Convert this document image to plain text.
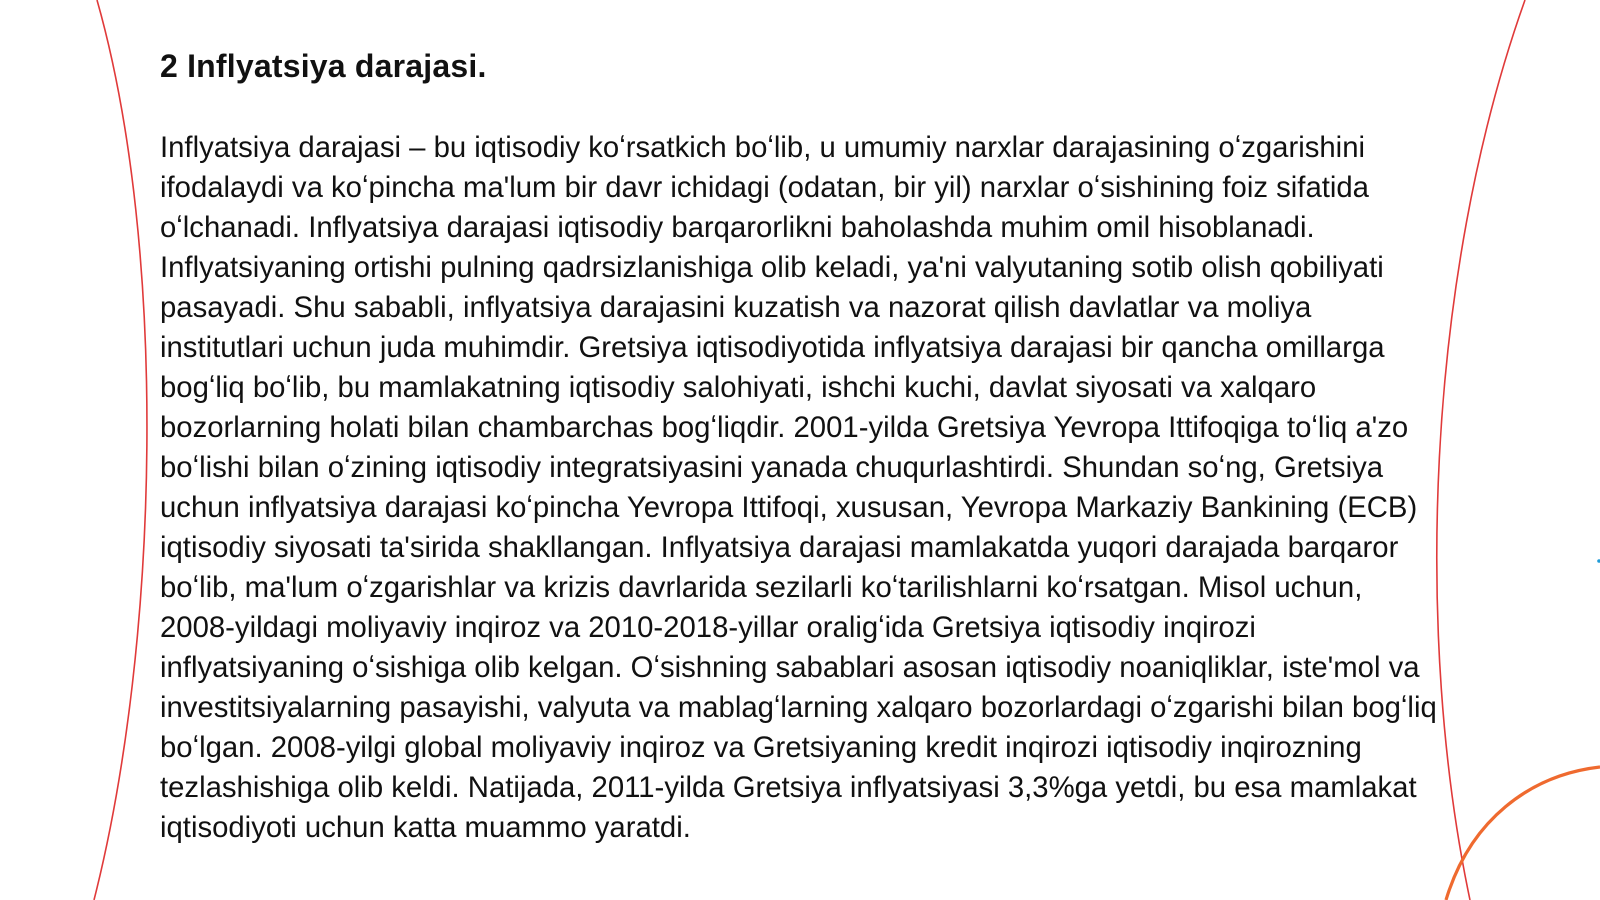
2 Inflyatsiya darajasi.

Inflyatsiya darajasi – bu iqtisodiy koʻrsatkich boʻlib, u umumiy narxlar darajasining oʻzgarishini ifodalaydi va koʻpincha ma'lum bir davr ichidagi (odatan, bir yil) narxlar oʻsishining foiz sifatida oʻlchanadi. Inflyatsiya darajasi iqtisodiy barqarorlikni baholashda muhim omil hisoblanadi. Inflyatsiyaning ortishi pulning qadrsizlanishiga olib keladi, ya'ni valyutaning sotib olish qobiliyati pasayadi. Shu sababli, inflyatsiya darajasini kuzatish va nazorat qilish davlatlar va moliya institutlari uchun juda muhimdir. Gretsiya iqtisodiyotida inflyatsiya darajasi bir qancha omillarga bogʻliq boʻlib, bu mamlakatning iqtisodiy salohiyati, ishchi kuchi, davlat siyosati va xalqaro bozorlarning holati bilan chambarchas bogʻliqdir. 2001-yilda Gretsiya Yevropa Ittifoqiga toʻliq a'zo boʻlishi bilan oʻzining iqtisodiy integratsiyasini yanada chuqurlashtirdi. Shundan soʻng, Gretsiya uchun inflyatsiya darajasi koʻpincha Yevropa Ittifoqi, xususan, Yevropa Markaziy Bankining (ECB) iqtisodiy siyosati ta'sirida shakllangan. Inflyatsiya darajasi mamlakatda yuqori darajada barqaror boʻlib, ma'lum oʻzgarishlar va krizis davrlarida sezilarli koʻtarilishlarni koʻrsatgan. Misol uchun, 2008-yildagi moliyaviy inqiroz va 2010-2018-yillar oraligʻida Gretsiya iqtisodiy inqirozi inflyatsiyaning oʻsishiga olib kelgan. Oʻsishning sabablari asosan iqtisodiy noaniqliklar, iste'mol va investitsiyalarning pasayishi, valyuta va mablagʻlarning xalqaro bozorlardagi oʻzgarishi bilan bogʻliq boʻlgan. 2008-yilgi global moliyaviy inqiroz va Gretsiyaning kredit inqirozi iqtisodiy inqirozning tezlashishiga olib keldi. Natijada, 2011-yilda Gretsiya inflyatsiyasi 3,3%ga yetdi, bu esa mamlakat iqtisodiyoti uchun katta muammo yaratdi.
